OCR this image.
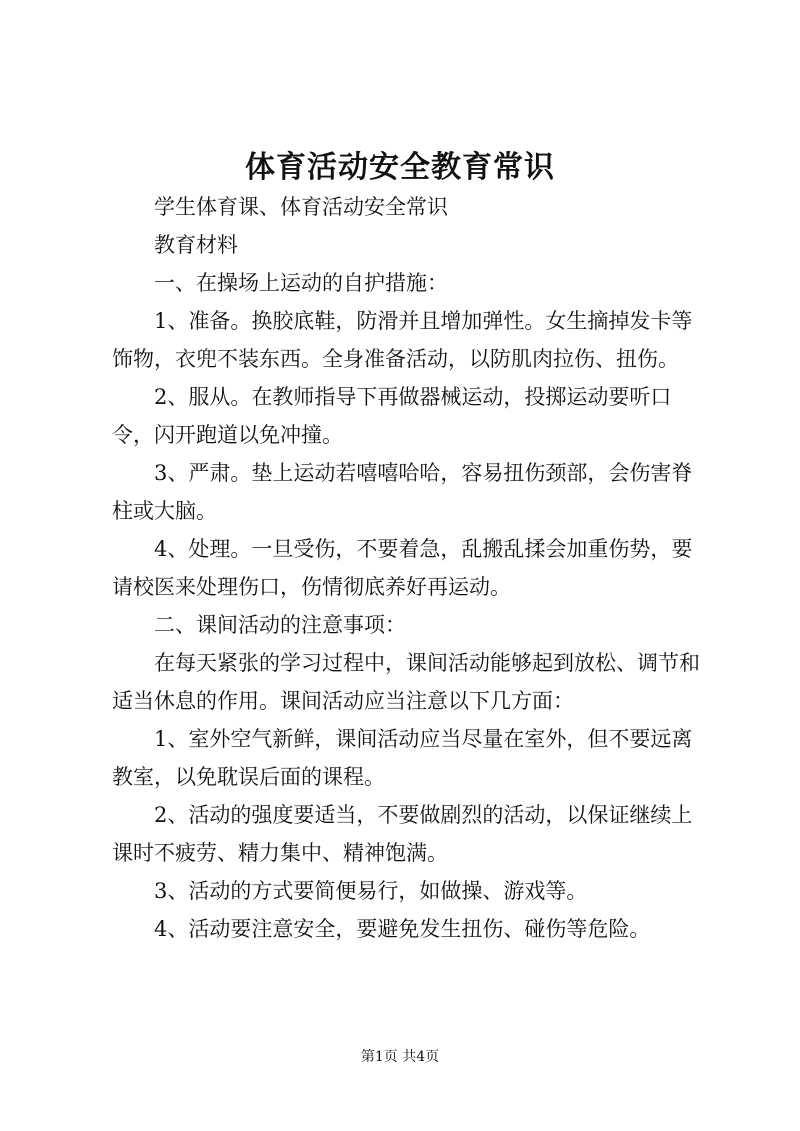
体育活动安全教育常识

学生体育课、体育活动安全常识

教育材料

一、在操场上运动的自护措施：

1、准备。换胶底鞋，防滑并且增加弹性。女生摘掉发卡等饰物，衣兜不装东西。全身准备活动，以防肌肉拉伤、扭伤。

2、服从。在教师指导下再做器械运动，投掷运动要听口令，闪开跑道以免冲撞。

3、严肃。垫上运动若嘻嘻哈哈，容易扭伤颈部，会伤害脊柱或大脑。

4、处理。一旦受伤，不要着急，乱搬乱揉会加重伤势，要请校医来处理伤口，伤情彻底养好再运动。

二、课间活动的注意事项：

在每天紧张的学习过程中，课间活动能够起到放松、调节和适当休息的作用。课间活动应当注意以下几方面：

1、室外空气新鲜，课间活动应当尽量在室外，但不要远离教室，以免耽误后面的课程。

2、活动的强度要适当，不要做剧烈的活动，以保证继续上课时不疲劳、精力集中、精神饱满。

3、活动的方式要简便易行，如做操、游戏等。

4、活动要注意安全，要避免发生扭伤、碰伤等危险。

第1页 共4页
